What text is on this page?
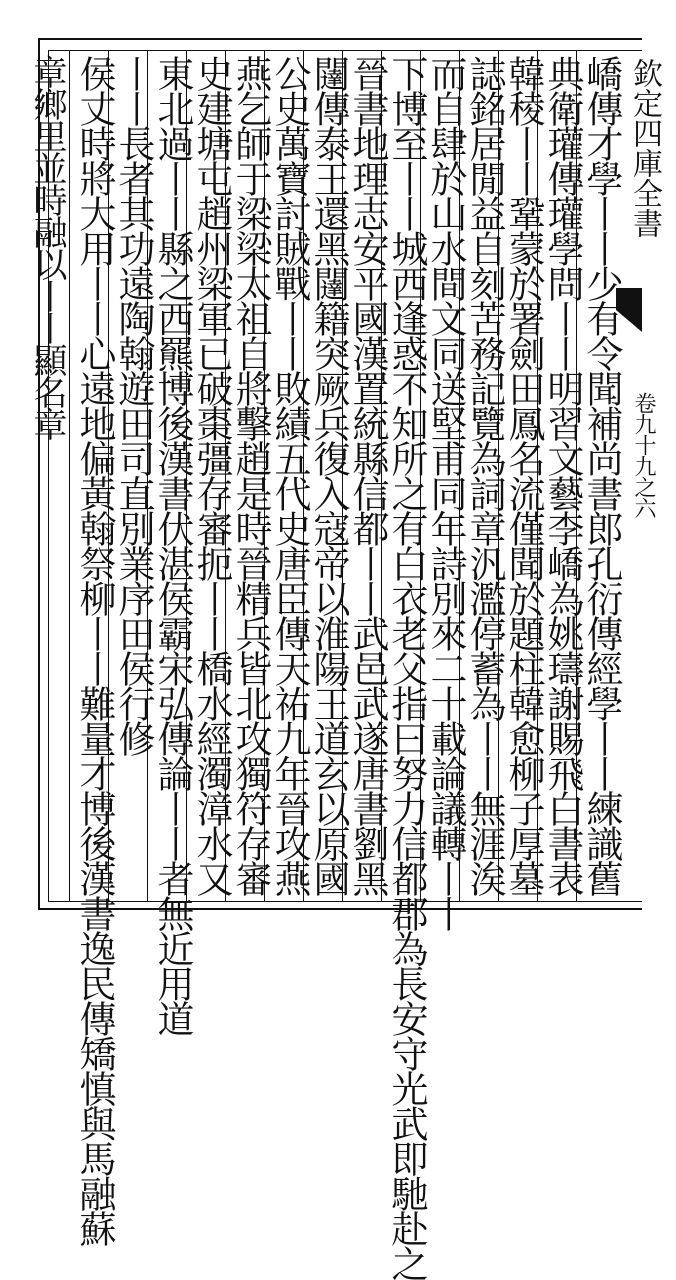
欽定四庫全書
卷九十九之六
嶠傳才學丨丨少有令聞補尚書郎孔衍傳經學丨丨練識舊
典衛瓘傳瓘學問丨丨明習文藝李嶠為姚璹謝賜飛白書表
韓稜丨丨鞏蒙於署劍田鳳名流僅聞於題柱韓愈柳子厚墓
誌銘居閒益自刻苦務記覽為詞章汎濫停蓄為丨丨無涯涘
而自肆於山水間文同送堅甫同年詩別來二十載論議轉丨丨
下博至丨丨城西逢惑不知所之有白衣老父指曰努力信都郡為長安守光武即馳赴之
晉書地理志安平國漢置統縣信都丨丨武邑武遂唐書劉黑
闥傳泰王還黑闥籍突厥兵復入寇帝以淮陽王道玄以原國
公史萬寶討賊戰丨丨敗績五代史唐臣傳天祐九年晉攻燕
燕乞師于梁梁太祖自將擊趙是時晉精兵皆北攻獨符存審
史建塘屯趙州梁軍已破棗彊存審扼丨丨橋水經濁漳水又
東北過丨丨縣之西羆博後漢書伏湛侯霸宋弘傳論丨丨者無近用道
丨丨長者其功遠陶翰遊田司直別業序田侯行修
侯丈時將大用丨丨心遠地偏黃翰祭柳丨丨難量才博後漢書逸民傳矯慎與馬融蘇
章鄉里並時融以丨丨顯名章
